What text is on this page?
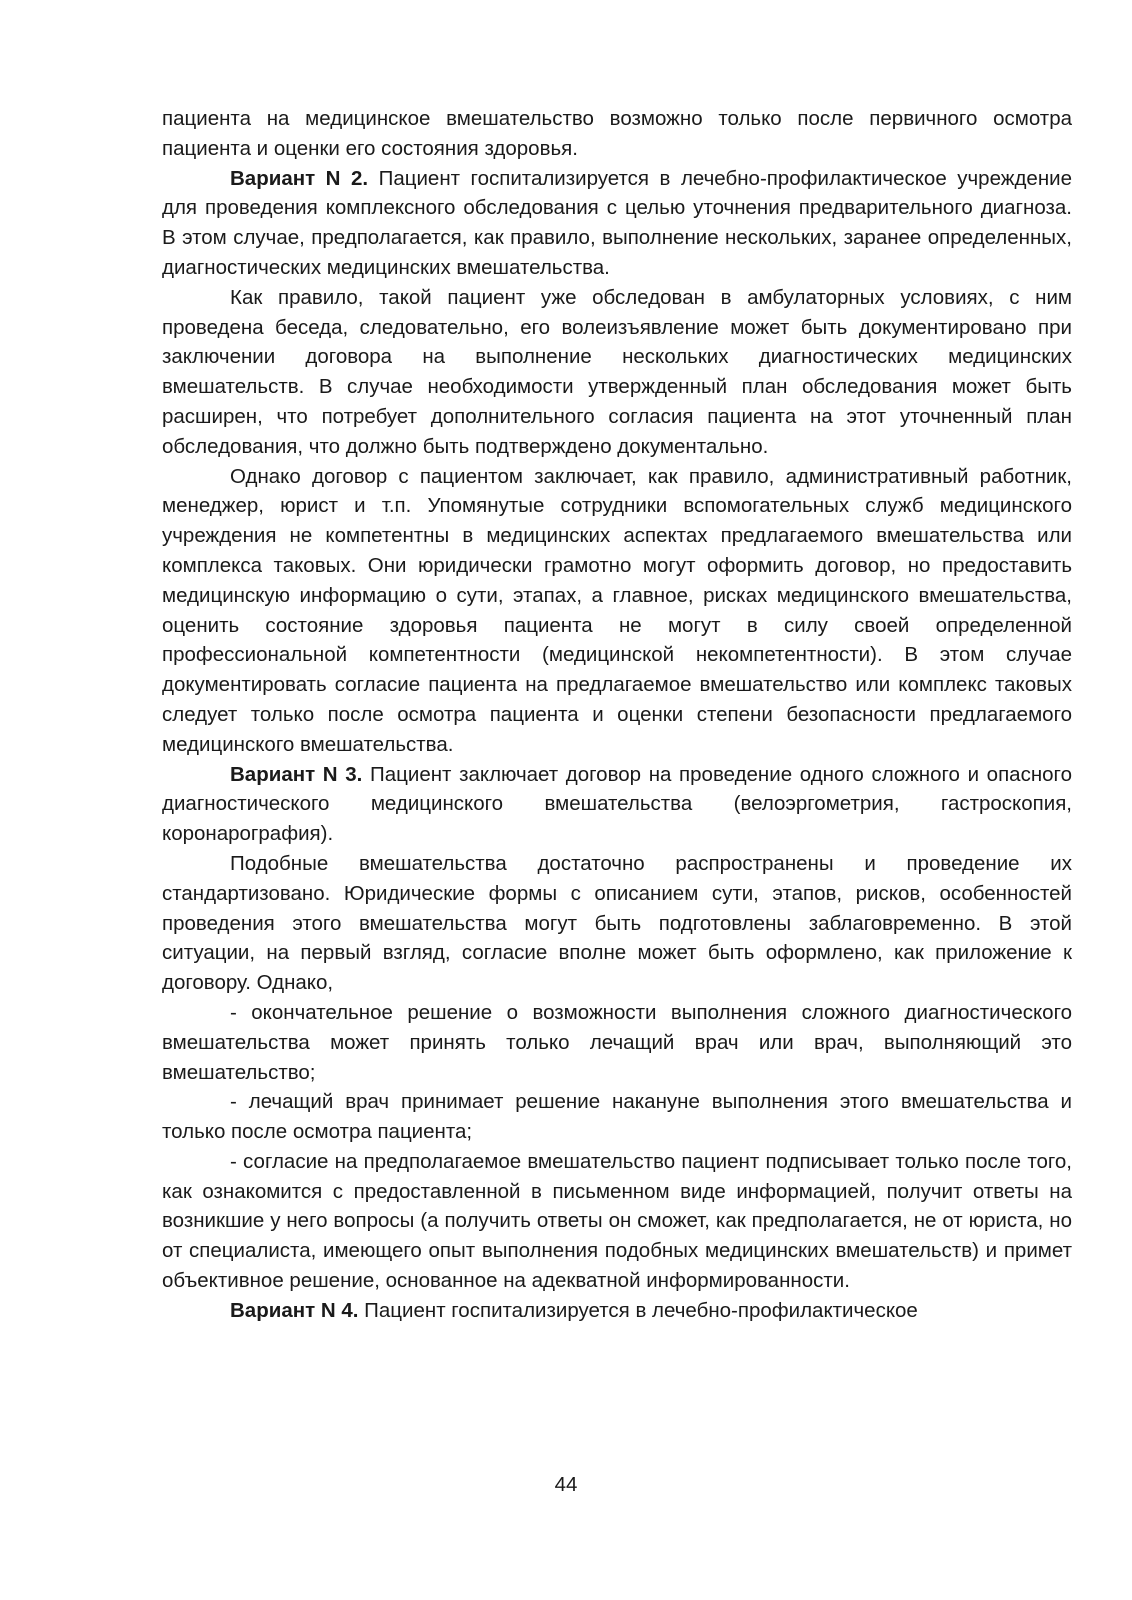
пациента на медицинское вмешательство возможно только после первичного осмотра пациента и оценки его состояния здоровья.

Вариант N 2. Пациент госпитализируется в лечебно-профилактическое учреждение для проведения комплексного обследования с целью уточнения предварительного диагноза. В этом случае, предполагается, как правило, выполнение нескольких, заранее определенных, диагностических медицинских вмешательства.

Как правило, такой пациент уже обследован в амбулаторных условиях, с ним проведена беседа, следовательно, его волеизъявление может быть документировано при заключении договора на выполнение нескольких диагностических медицинских вмешательств. В случае необходимости утвержденный план обследования может быть расширен, что потребует дополнительного согласия пациента на этот уточненный план обследования, что должно быть подтверждено документально.

Однако договор с пациентом заключает, как правило, административный работник, менеджер, юрист и т.п. Упомянутые сотрудники вспомогательных служб медицинского учреждения не компетентны в медицинских аспектах предлагаемого вмешательства или комплекса таковых. Они юридически грамотно могут оформить договор, но предоставить медицинскую информацию о сути, этапах, а главное, рисках медицинского вмешательства, оценить состояние здоровья пациента не могут в силу своей определенной профессиональной компетентности (медицинской некомпетентности). В этом случае документировать согласие пациента на предлагаемое вмешательство или комплекс таковых следует только после осмотра пациента и оценки степени безопасности предлагаемого медицинского вмешательства.

Вариант N 3. Пациент заключает договор на проведение одного сложного и опасного диагностического медицинского вмешательства (велоэргометрия, гастроскопия, коронарография).

Подобные вмешательства достаточно распространены и проведение их стандартизовано. Юридические формы с описанием сути, этапов, рисков, особенностей проведения этого вмешательства могут быть подготовлены заблаговременно. В этой ситуации, на первый взгляд, согласие вполне может быть оформлено, как приложение к договору. Однако,

- окончательное решение о возможности выполнения сложного диагностического вмешательства может принять только лечащий врач или врач, выполняющий это вмешательство;

- лечащий врач принимает решение накануне выполнения этого вмешательства и только после осмотра пациента;

- согласие на предполагаемое вмешательство пациент подписывает только после того, как ознакомится с предоставленной в письменном виде информацией, получит ответы на возникшие у него вопросы (а получить ответы он сможет, как предполагается, не от юриста, но от специалиста, имеющего опыт выполнения подобных медицинских вмешательств) и примет объективное решение, основанное на адекватной информированности.

Вариант N 4. Пациент госпитализируется в лечебно-профилактическое

44
